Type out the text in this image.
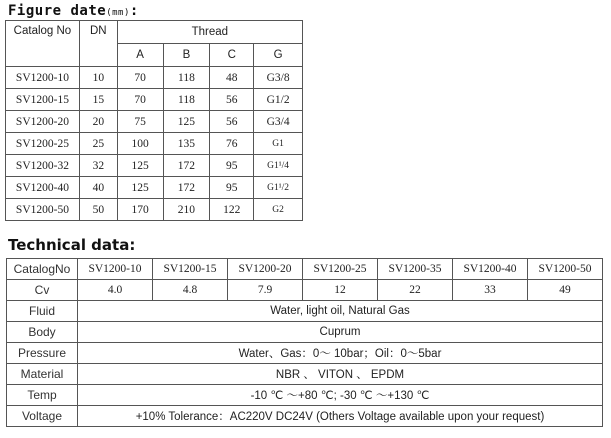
Figure date(mm):
Catalog No	DN	Thread			
		A	B	C	G
SV1200-10	10	70	118	48	G3/8
SV1200-15	15	70	118	56	G1/2
SV1200-20	20	75	125	56	G3/4
SV1200-25	25	100	135	76	G1
SV1200-32	32	125	172	95	G1¹/4
SV1200-40	40	125	172	95	G1¹/2
SV1200-50	50	170	210	122	G2
Technical data:
CatalogNo	SV1200-10	SV1200-15	SV1200-20	SV1200-25	SV1200-35	SV1200-40	SV1200-50
Cv	4.0	4.8	7.9	12	22	33	49
Fluid	Water, light oil, Natural Gas						
Body	Cuprum						
Pressure	Water、Gas：0～ 10bar；Oil：0～5bar						
Material	NBR 、 VITON 、 EPDM						
Temp	-10 ℃ ～+80 ℃; -30 ℃ ～+130 ℃						
Voltage	+10% Tolerance：AC220V DC24V (Others Voltage available upon your request)						
